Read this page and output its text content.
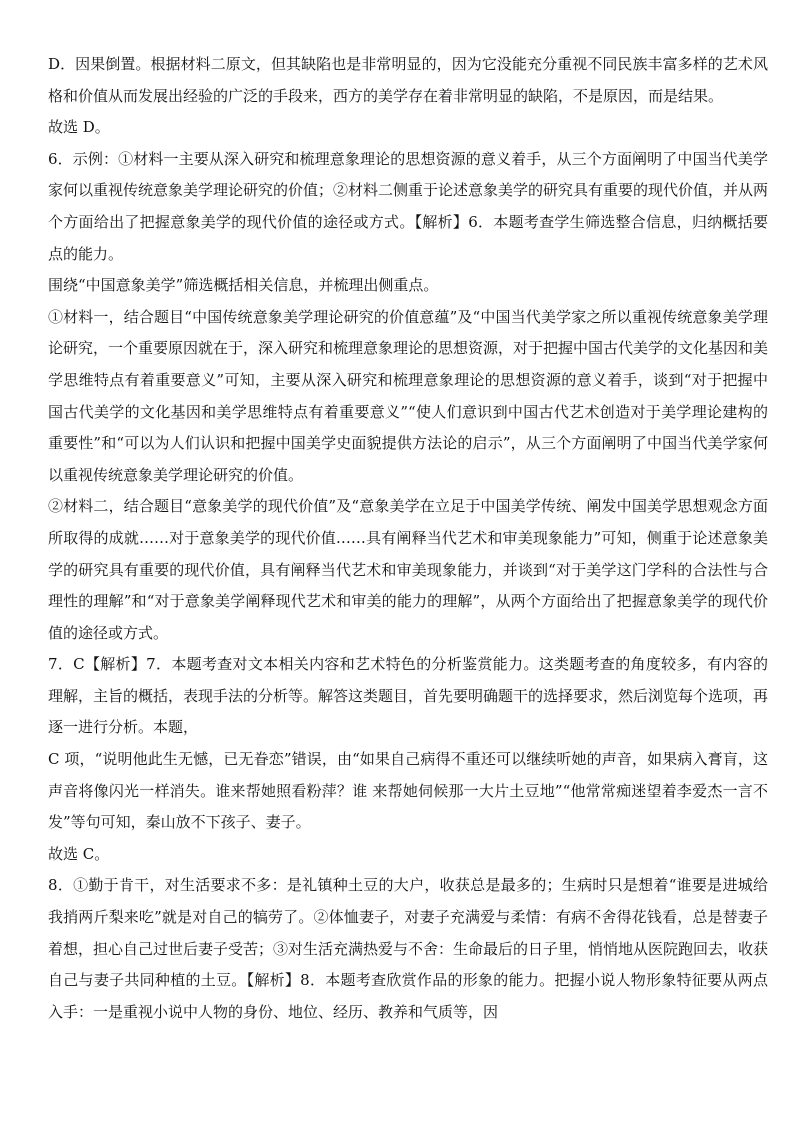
D．因果倒置。根据材料二原文，但其缺陷也是非常明显的，因为它没能充分重视不同民族丰富多样的艺术风格和价值从而发展出经验的广泛的手段来，西方的美学存在着非常明显的缺陷，不是原因，而是结果。

故选 D。

6．示例：①材料一主要从深入研究和梳理意象理论的思想资源的意义着手，从三个方面阐明了中国当代美学家何以重视传统意象美学理论研究的价值；②材料二侧重于论述意象美学的研究具有重要的现代价值，并从两个方面给出了把握意象美学的现代价值的途径或方式。【解析】6．本题考查学生筛选整合信息，归纳概括要点的能力。

围绕“中国意象美学”筛选概括相关信息，并梳理出侧重点。

①材料一，结合题目“中国传统意象美学理论研究的价值意蕴”及“中国当代美学家之所以重视传统意象美学理论研究，一个重要原因就在于，深入研究和梳理意象理论的思想资源，对于把握中国古代美学的文化基因和美学思维特点有着重要意义”可知，主要从深入研究和梳理意象理论的思想资源的意义着手，谈到“对于把握中国古代美学的文化基因和美学思维特点有着重要意义”“使人们意识到中国古代艺术创造对于美学理论建构的重要性”和“可以为人们认识和把握中国美学史面貌提供方法论的启示”，从三个方面阐明了中国当代美学家何以重视传统意象美学理论研究的价值。

②材料二，结合题目“意象美学的现代价值”及“意象美学在立足于中国美学传统、阐发中国美学思想观念方面所取得的成就……对于意象美学的现代价值……具有阐释当代艺术和审美现象能力”可知，侧重于论述意象美学的研究具有重要的现代价值，具有阐释当代艺术和审美现象能力，并谈到“对于美学这门学科的合法性与合理性的理解”和“对于意象美学阐释现代艺术和审美的能力的理解”，从两个方面给出了把握意象美学的现代价值的途径或方式。

7．C【解析】7．本题考查对文本相关内容和艺术特色的分析鉴赏能力。这类题考查的角度较多，有内容的理解，主旨的概括，表现手法的分析等。解答这类题目，首先要明确题干的选择要求，然后浏览每个选项，再逐一进行分析。本题，

C 项，“说明他此生无憾，已无眷恋”错误，由“如果自己病得不重还可以继续听她的声音，如果病入膏肓，这声音将像闪光一样消失。谁来帮她照看粉萍？谁 来帮她伺候那一大片土豆地”“他常常痴迷望着李爱杰一言不发”等句可知，秦山放不下孩子、妻子。

故选 C。

8．①勤于肯干，对生活要求不多：是礼镇种土豆的大户，收获总是最多的；生病时只是想着“谁要是进城给我捎两斤梨来吃”就是对自己的犒劳了。②体恤妻子，对妻子充满爱与柔情：有病不舍得花钱看，总是替妻子着想，担心自己过世后妻子受苦；③对生活充满热爱与不舍：生命最后的日子里，悄悄地从医院跑回去，收获自己与妻子共同种植的土豆。【解析】8．本题考查欣赏作品的形象的能力。把握小说人物形象特征要从两点入手：一是重视小说中人物的身份、地位、经历、教养和气质等，因
